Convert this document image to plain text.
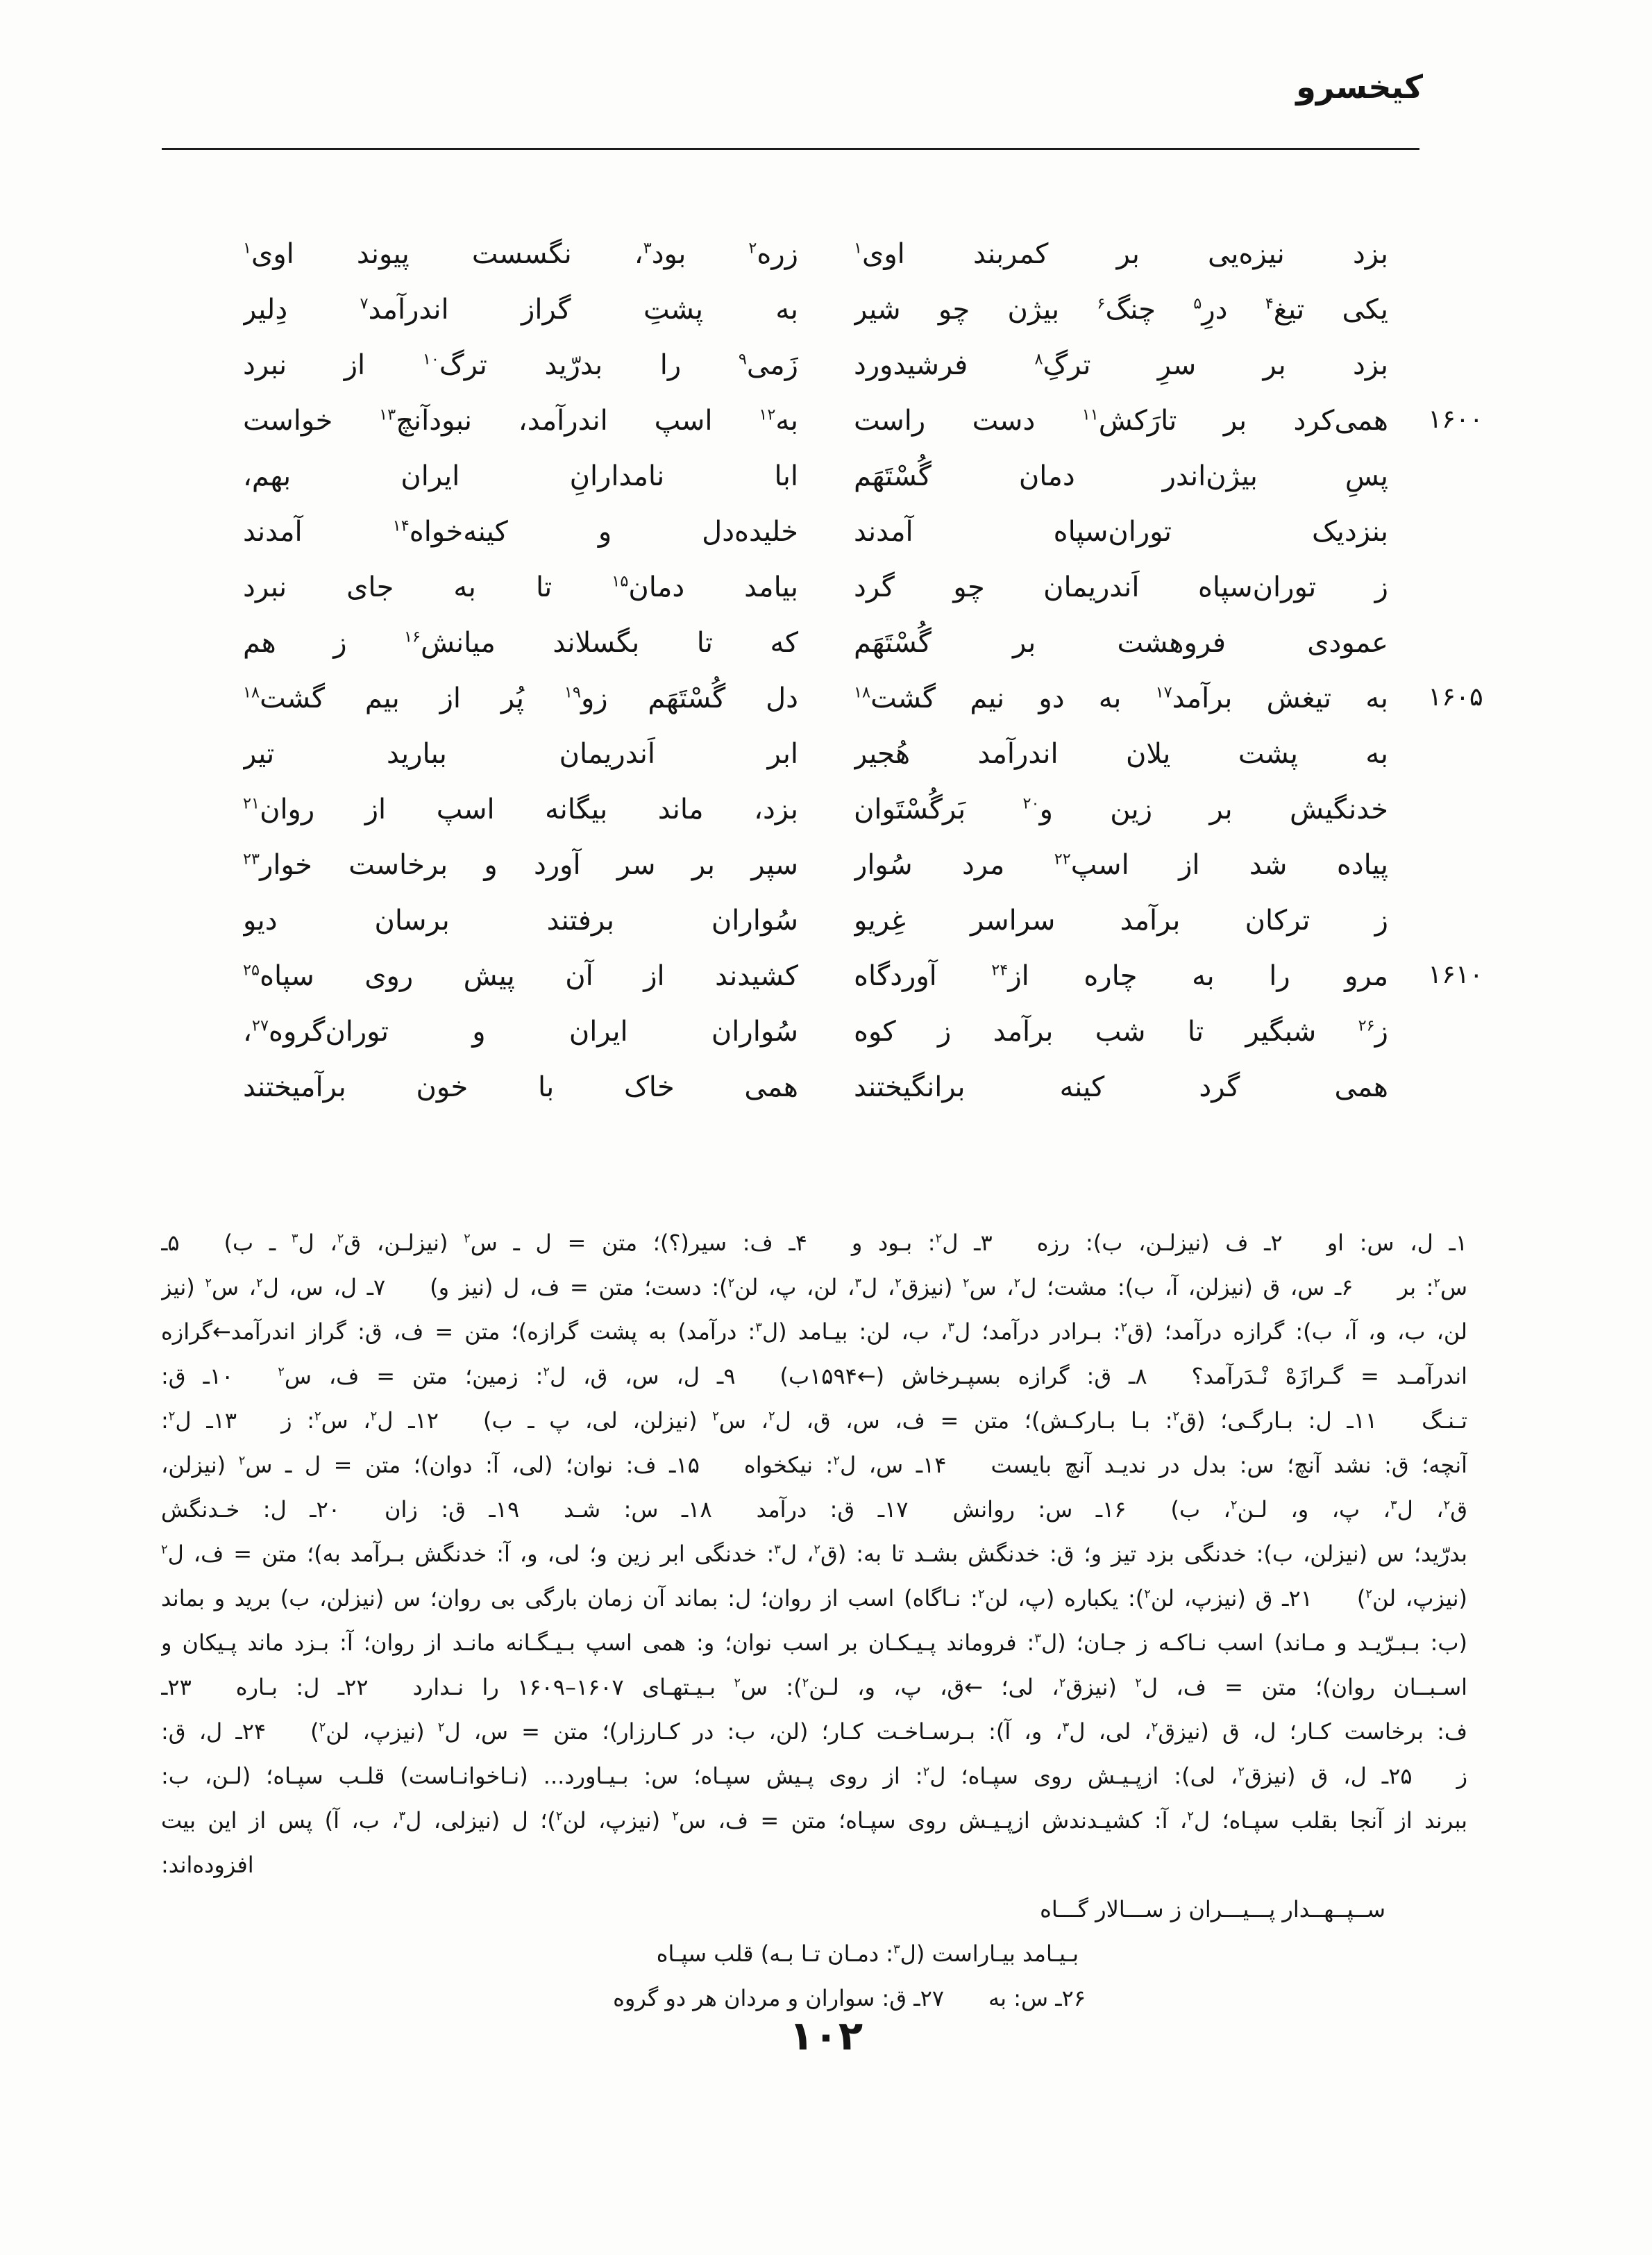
کیخسرو
بزد نیزه‌یی بر کمربند اوی$^۱$
زره$^۲$ بود$^۳$، نگسست پیوند اوی$^۱$
یکی تیغ$^۴$ درِ$^۵$ چنگ$^۶$ بیژن چو شیر
به پشتِ گراز اندرآمد$^۷$ دِلیر
بزد بر سرِ ترگِ$^۸$ فرشیدورد
زَمی$^۹$ را بدرّید ترگ$^{۱۰}$ از نبرد
۱۶۰۰
همی‌کرد بر تارَکش$^{۱۱}$ دست راست
به$^{۱۲}$ اسپ اندرآمد، نبودآنچ$^{۱۳}$ خواست
پسِ بیژن‌اندر دمان گُسْتَهَم
ابا نامدارانِ ایران بهم،
بنزدیک توران‌سپاه آمدند
خلیده‌دل و کینه‌خواه$^{۱۴}$ آمدند
ز توران‌سپاه اَندریمان چو گرد
بیامد دمان$^{۱۵}$ تا به جای نبرد
عمودی فروهشت بر گُسْتَهَم
که تا بگسلاند میانش$^{۱۶}$ ز هم
۱۶۰۵
به تیغش برآمد$^{۱۷}$ به دو نیم گشت$^{۱۸}$
دل گُسْتَهَم زو$^{۱۹}$ پُر از بیم گشت$^{۱۸}$
به پشت یلان اندرآمد هُجیر
ابر اَندریمان ببارید تیر
خدنگیش بر زین و$^{۲۰}$ بَرگُسْتَوان
بزد، ماند بیگانه اسپ از روان$^{۲۱}$
پیاده شد از اسپ$^{۲۲}$ مرد سُوار
سپر بر سر آورد و برخاست خوار$^{۲۳}$
ز ترکان برآمد سراسر غِریو
سُواران برفتند برسان دیو
۱۶۱۰
مرو را به چاره از$^{۲۴}$ آوردگاه
کشیدند از آن پیش روی سپاه$^{۲۵}$
ز$^{۲۶}$ شبگیر تا شب برآمد ز کوه
سُواران ایران و توران‌گروه$^{۲۷}$،
همی گرد کینه برانگیختند
همی خاک با خون برآمیختند
۱ـ ل، س: او  ۲ـ ف (نیزلـن، ب): رزه  ۳ـ ل$^۲$: بـود و  ۴ـ ف: سیر(؟)؛ متن = ل ـ س$^۲$ (نیزلـن، ق$^۲$، ل$^۳$ ـ ب)  ۵ـ
س$^۲$: بر  ۶ـ س، ق (نیزلن، آ، ب): مشت؛ ل$^۲$، س$^۲$ (نیزق$^۲$، ل$^۳$، لن، پ، لن$^۲$): دست؛ متن = ف، ل (نیز و)  ۷ـ ل، س، ل$^۲$، س$^۲$ (نیز
لن، ب، و، آ، ب): گرازه درآمد؛ (ق$^۲$: بـرادر درآمد؛ ل$^۳$، ب، لن: بیـامد (ل$^۳$: درآمد) به پشت گرازه)؛ متن = ف، ق: گراز اندرآمد←گرازه
اندرآمـد = گـرازَهْ نْـدَرآمد؟  ۸ـ ق: گرازه بسپـرخاش (←۱۵۹۴ب)  ۹ـ ل، س، ق، ل$^۲$: زمین؛ متن = ف، س$^۲$  ۱۰ـ ق:
تـنـگ  ۱۱ـ ل: بـارگـی؛ (ق$^۲$: بـا بـارکـش)؛ متن = ف، س، ق، ل$^۲$، س$^۲$ (نیزلن، لی، پ ـ ب)  ۱۲ـ ل$^۲$، س$^۲$: ز  ۱۳ـ ل$^۲$:
آنچه؛ ق: نشد آنچ؛ س: بدل در ندیـد آنچ بایست  ۱۴ـ س، ل$^۲$: نیکخواه  ۱۵ـ ف: نوان؛ (لی، آ: دوان)؛ متن = ل ـ س$^۲$ (نیزلن،
ق$^۲$، ل$^۳$، پ، و، لـن$^۲$، ب)  ۱۶ـ س: روانش  ۱۷ـ ق: درآمد  ۱۸ـ س: شـد  ۱۹ـ ق: زان  ۲۰ـ ل: خـدنگش
بدرّید؛ س (نیزلن، ب): خدنگی بزد تیز و؛ ق: خدنگش بشـد تا به: (ق$^۲$، ل$^۳$: خدنگی ابر زین و؛ لی، و، آ: خدنگش بـرآمد به)؛ متن = ف، ل$^۲$
(نیزپ، لن$^۲$)  ۲۱ـ ق (نیزپ، لن$^۲$): یکباره (پ، لن$^۲$: نـاگاه) اسب از روان؛ ل: بماند آن زمان بارگی بی روان؛ س (نیزلن، ب) برید و بماند
(ب: بـبـرّیـد و مـاند) اسب نـاکـه ز جـان؛ (ل$^۳$: فروماند پـیـکـان بر اسب نوان؛ و: همی اسپ بـیـگـانه مانـد از روان؛ آ: بـزد ماند پـیکان و
اسـبــان روان)؛ متن = ف، ل$^۲$ (نیزق$^۲$، لی؛ ←ق، پ، و، لـن$^۲$): س$^۲$ بـیـتهـای ۱۶۰۷–۱۶۰۹ را نـدارد  ۲۲ـ ل: بـاره  ۲۳ـ
ف: برخاست کـار؛ ل، ق (نیزق$^۲$، لی، ل$^۳$، و، آ): بـرسـاخـت کـار؛ (لن، ب: در کـارزار)؛ متن = س، ل$^۲$ (نیزپ، لن$^۲$)  ۲۴ـ ل، ق:
ز  ۲۵ـ ل، ق (نیزق$^۲$، لی): ازپـیـش روی سپـاه؛ ل$^۲$: از روی پـیش سپـاه؛ س: بـیـاورد... (نـاخوانـاست) قلـب سپـاه؛ (لـن، ب:
ببرند از آنجا بقلب سپـاه؛ ل$^۲$، آ: کشیـدندش ازپـیـش روی سپـاه؛ متن = ف، س$^۲$ (نیزپ، لن$^۲$)؛ ل (نیزلی، ل$^۳$، ب، آ) پس از این بیت
افزوده‌اند:
ســپــهــدار پـــیـــران ز ســـالار گـــاه
بـیـامد بیـاراست (ل$^۳$: دمـان تـا بـه) قلب سپـاه
۲۶ـ س: به  ۲۷ـ ق: سواران و مردان هر دو گروه
۱۰۲
